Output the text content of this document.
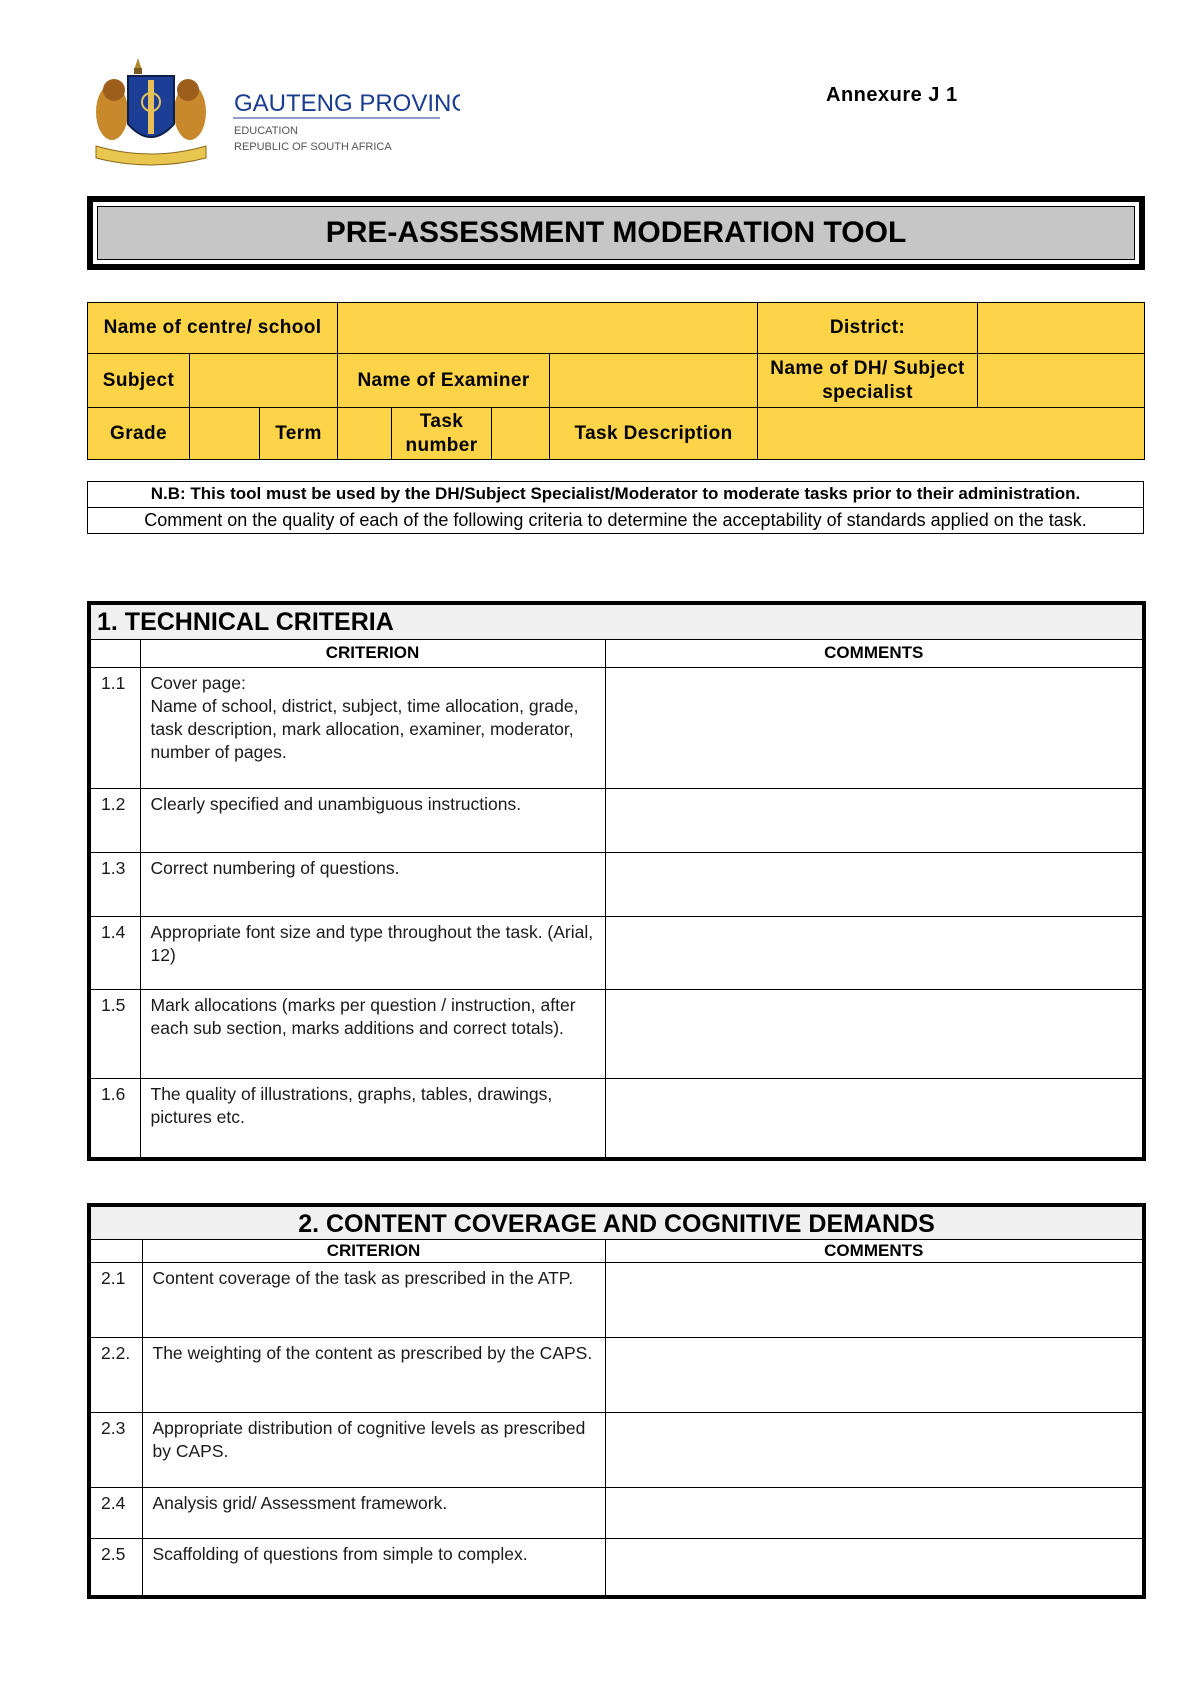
GAUTENG PROVINCE
EDUCATION
REPUBLIC OF SOUTH AFRICA
Annexure J 1
PRE-ASSESSMENT MODERATION TOOL
Name of centre/ school							District:	
Subject			Name of Examiner				Name of DH/ Subject specialist	
Grade		Term		Task number		Task Description		
N.B: This tool must be used by the DH/Subject Specialist/Moderator to moderate tasks prior to their administration.
Comment on the quality of each of the following criteria to determine the acceptability of standards applied on the task.
1. TECHNICAL CRITERIA		
	CRITERION	COMMENTS
1.1	Cover page:
Name of school, district, subject, time allocation, grade, task description, mark allocation, examiner, moderator, number of pages.	
1.2	Clearly specified and unambiguous instructions.	
1.3	Correct numbering of questions.	
1.4	Appropriate font size and type throughout the task. (Arial, 12)	
1.5	Mark allocations (marks per question / instruction, after each sub section, marks additions and correct totals).	
1.6	The quality of illustrations, graphs, tables, drawings, pictures etc.	
2. CONTENT COVERAGE AND COGNITIVE DEMANDS		
	CRITERION	COMMENTS
2.1	Content coverage of the task as prescribed in the ATP.	
2.2.	The weighting of the content as prescribed by the CAPS.	
2.3	Appropriate distribution of cognitive levels as prescribed by CAPS.	
2.4	Analysis grid/ Assessment framework.	
2.5	Scaffolding of questions from simple to complex.	
